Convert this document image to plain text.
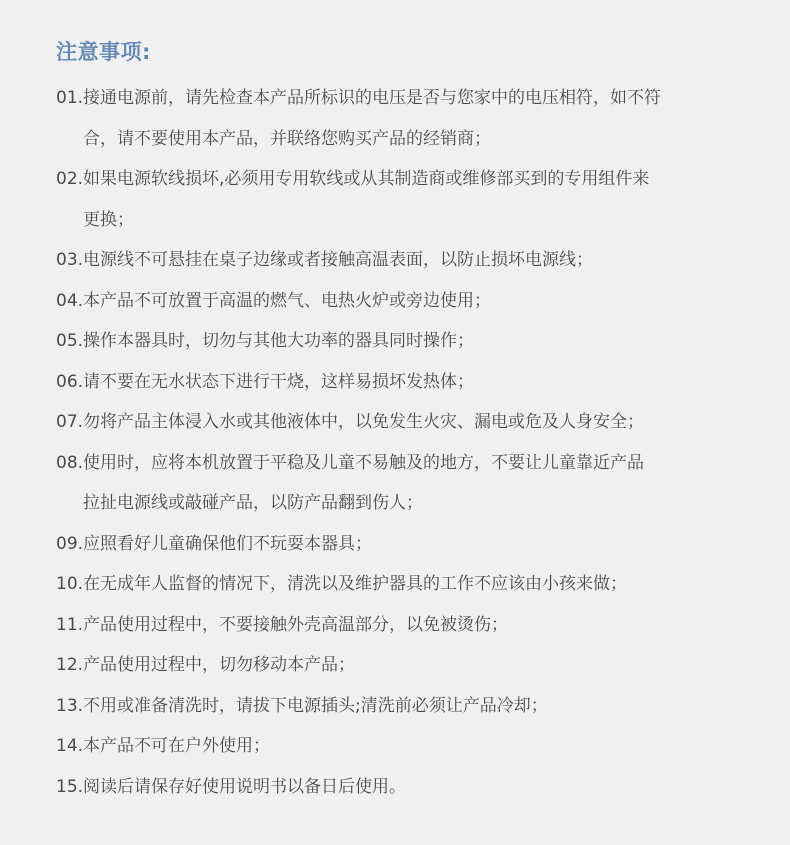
注意事项:
01. 接通电源前，请先检查本产品所标识的电压是否与您家中的电压相符，如不符
合，请不要使用本产品，并联络您购买产品的经销商；
02. 如果电源软线损坏,必须用专用软线或从其制造商或维修部买到的专用组件来
更换；
03. 电源线不可悬挂在桌子边缘或者接触高温表面，以防止损坏电源线；
04. 本产品不可放置于高温的燃气、电热火炉或旁边使用；
05. 操作本器具时，切勿与其他大功率的器具同时操作；
06. 请不要在无水状态下进行干烧，这样易损坏发热体；
07. 勿将产品主体浸入水或其他液体中，以免发生火灾、漏电或危及人身安全；
08. 使用时，应将本机放置于平稳及儿童不易触及的地方，不要让儿童靠近产品
拉扯电源线或敲碰产品，以防产品翻到伤人；
09. 应照看好儿童确保他们不玩耍本器具；
10. 在无成年人监督的情况下，清洗以及维护器具的工作不应该由小孩来做；
11. 产品使用过程中，不要接触外壳高温部分，以免被烫伤；
12. 产品使用过程中，切勿移动本产品；
13. 不用或准备清洗时，请拔下电源插头;清洗前必须让产品冷却；
14. 本产品不可在户外使用；
15. 阅读后请保存好使用说明书以备日后使用。
